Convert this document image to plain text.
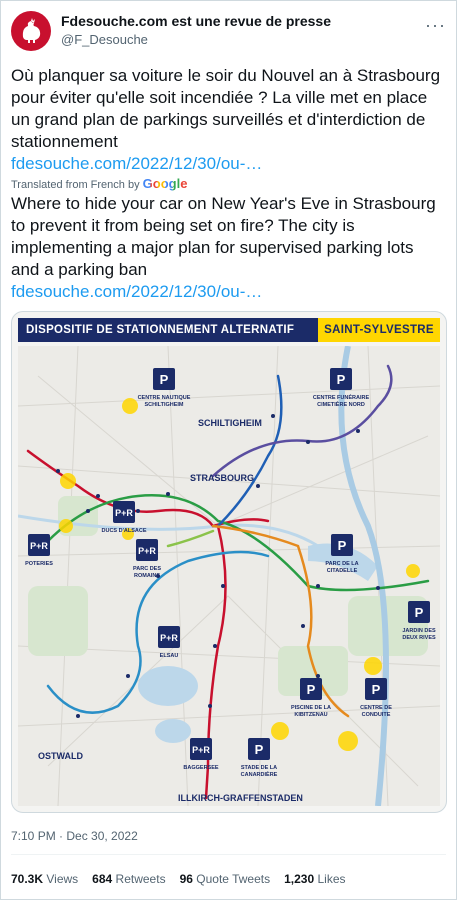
Fdesouche.com est une revue de presse
@F_Desouche
···
Où planquer sa voiture le soir du Nouvel an à Strasbourg pour éviter qu'elle soit incendiée ? La ville met en place un grand plan de parkings surveillés et d'interdiction de stationnement
fdesouche.com/2022/12/30/ou-…
Translated from French by Google
Where to hide your car on New Year's Eve in Strasbourg to prevent it from being set on fire? The city is implementing a major plan for supervised parking lots and a parking ban
fdesouche.com/2022/12/30/ou-…
DISPOSITIF DE STATIONNEMENT ALTERNATIF	SAINT-SYLVESTRE
SCHILTIGHEIM
STRASBOURG
OSTWALD
ILLKIRCH-GRAFFENSTADEN
P
CENTRE NAUTIQUE
SCHILTIGHEIM
P
CENTRE FUNÉRAIRE
CIMETIÈRE NORD
P+R
DUCS D'ALSACE
P+R
POTERIES
P+R
PARC DES
ROMAINS
P
PARC DE LA
CITADELLE
P
JARDIN DES
DEUX RIVES
P+R
ELSAU
P
PISCINE DE LA
KIBITZENAU
P
CENTRE DE
CONDUITE
P+R
BAGGERSEE
P
STADE DE LA
CANARDIÈRE
7:10 PM · Dec 30, 2022
70.3K Views 684 Retweets 96 Quote Tweets 1,230 Likes
